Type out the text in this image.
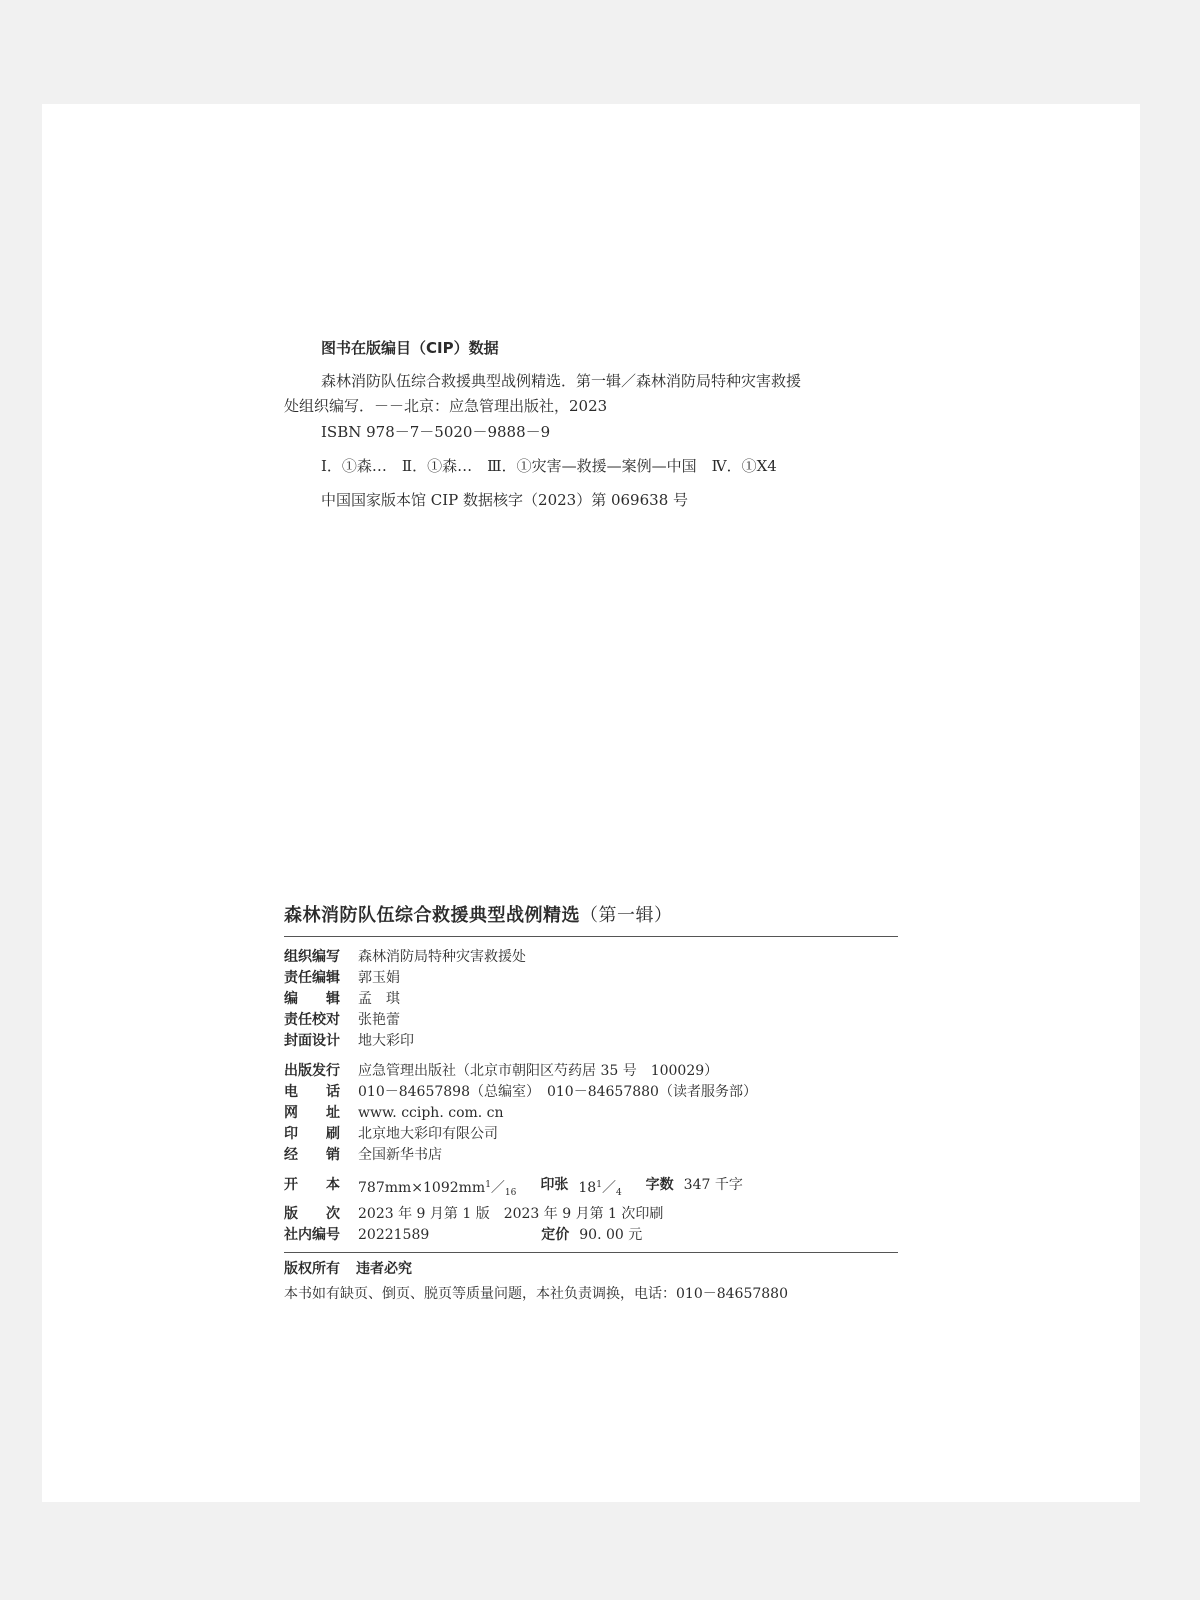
图书在版编目（CIP）数据

森林消防队伍综合救援典型战例精选．第一辑／森林消防局特种灾害救援处组织编写．－－北京：应急管理出版社，2023

ISBN 978－7－5020－9888－9

Ⅰ．①森…　Ⅱ．①森…　Ⅲ．①灾害—救援—案例—中国　Ⅳ．①X4

中国国家版本馆 CIP 数据核字（2023）第 069638 号

森林消防队伍综合救援典型战例精选（第一辑）
组织编写	森林消防局特种灾害救援处
责任编辑	郭玉娟
编　　辑	孟　琪
责任校对	张艳蕾
封面设计	地大彩印
出版发行	应急管理出版社（北京市朝阳区芍药居 35 号　100029）
电　　话	010－84657898（总编室）　010－84657880（读者服务部）
网　　址	www. cciph. com. cn
印　　刷	北京地大彩印有限公司
经　　销	全国新华书店
开　　本	$787mm\times 1092mm^1/_{16}$ 印张 $18^1/_4$ 字数 347 千字
版　　次	2023 年 9 月第 1 版　2023 年 9 月第 1 次印刷
社内编号	20221589	定价 90. 00 元
版权所有 违者必究
本书如有缺页、倒页、脱页等质量问题，本社负责调换，电话：010－84657880
